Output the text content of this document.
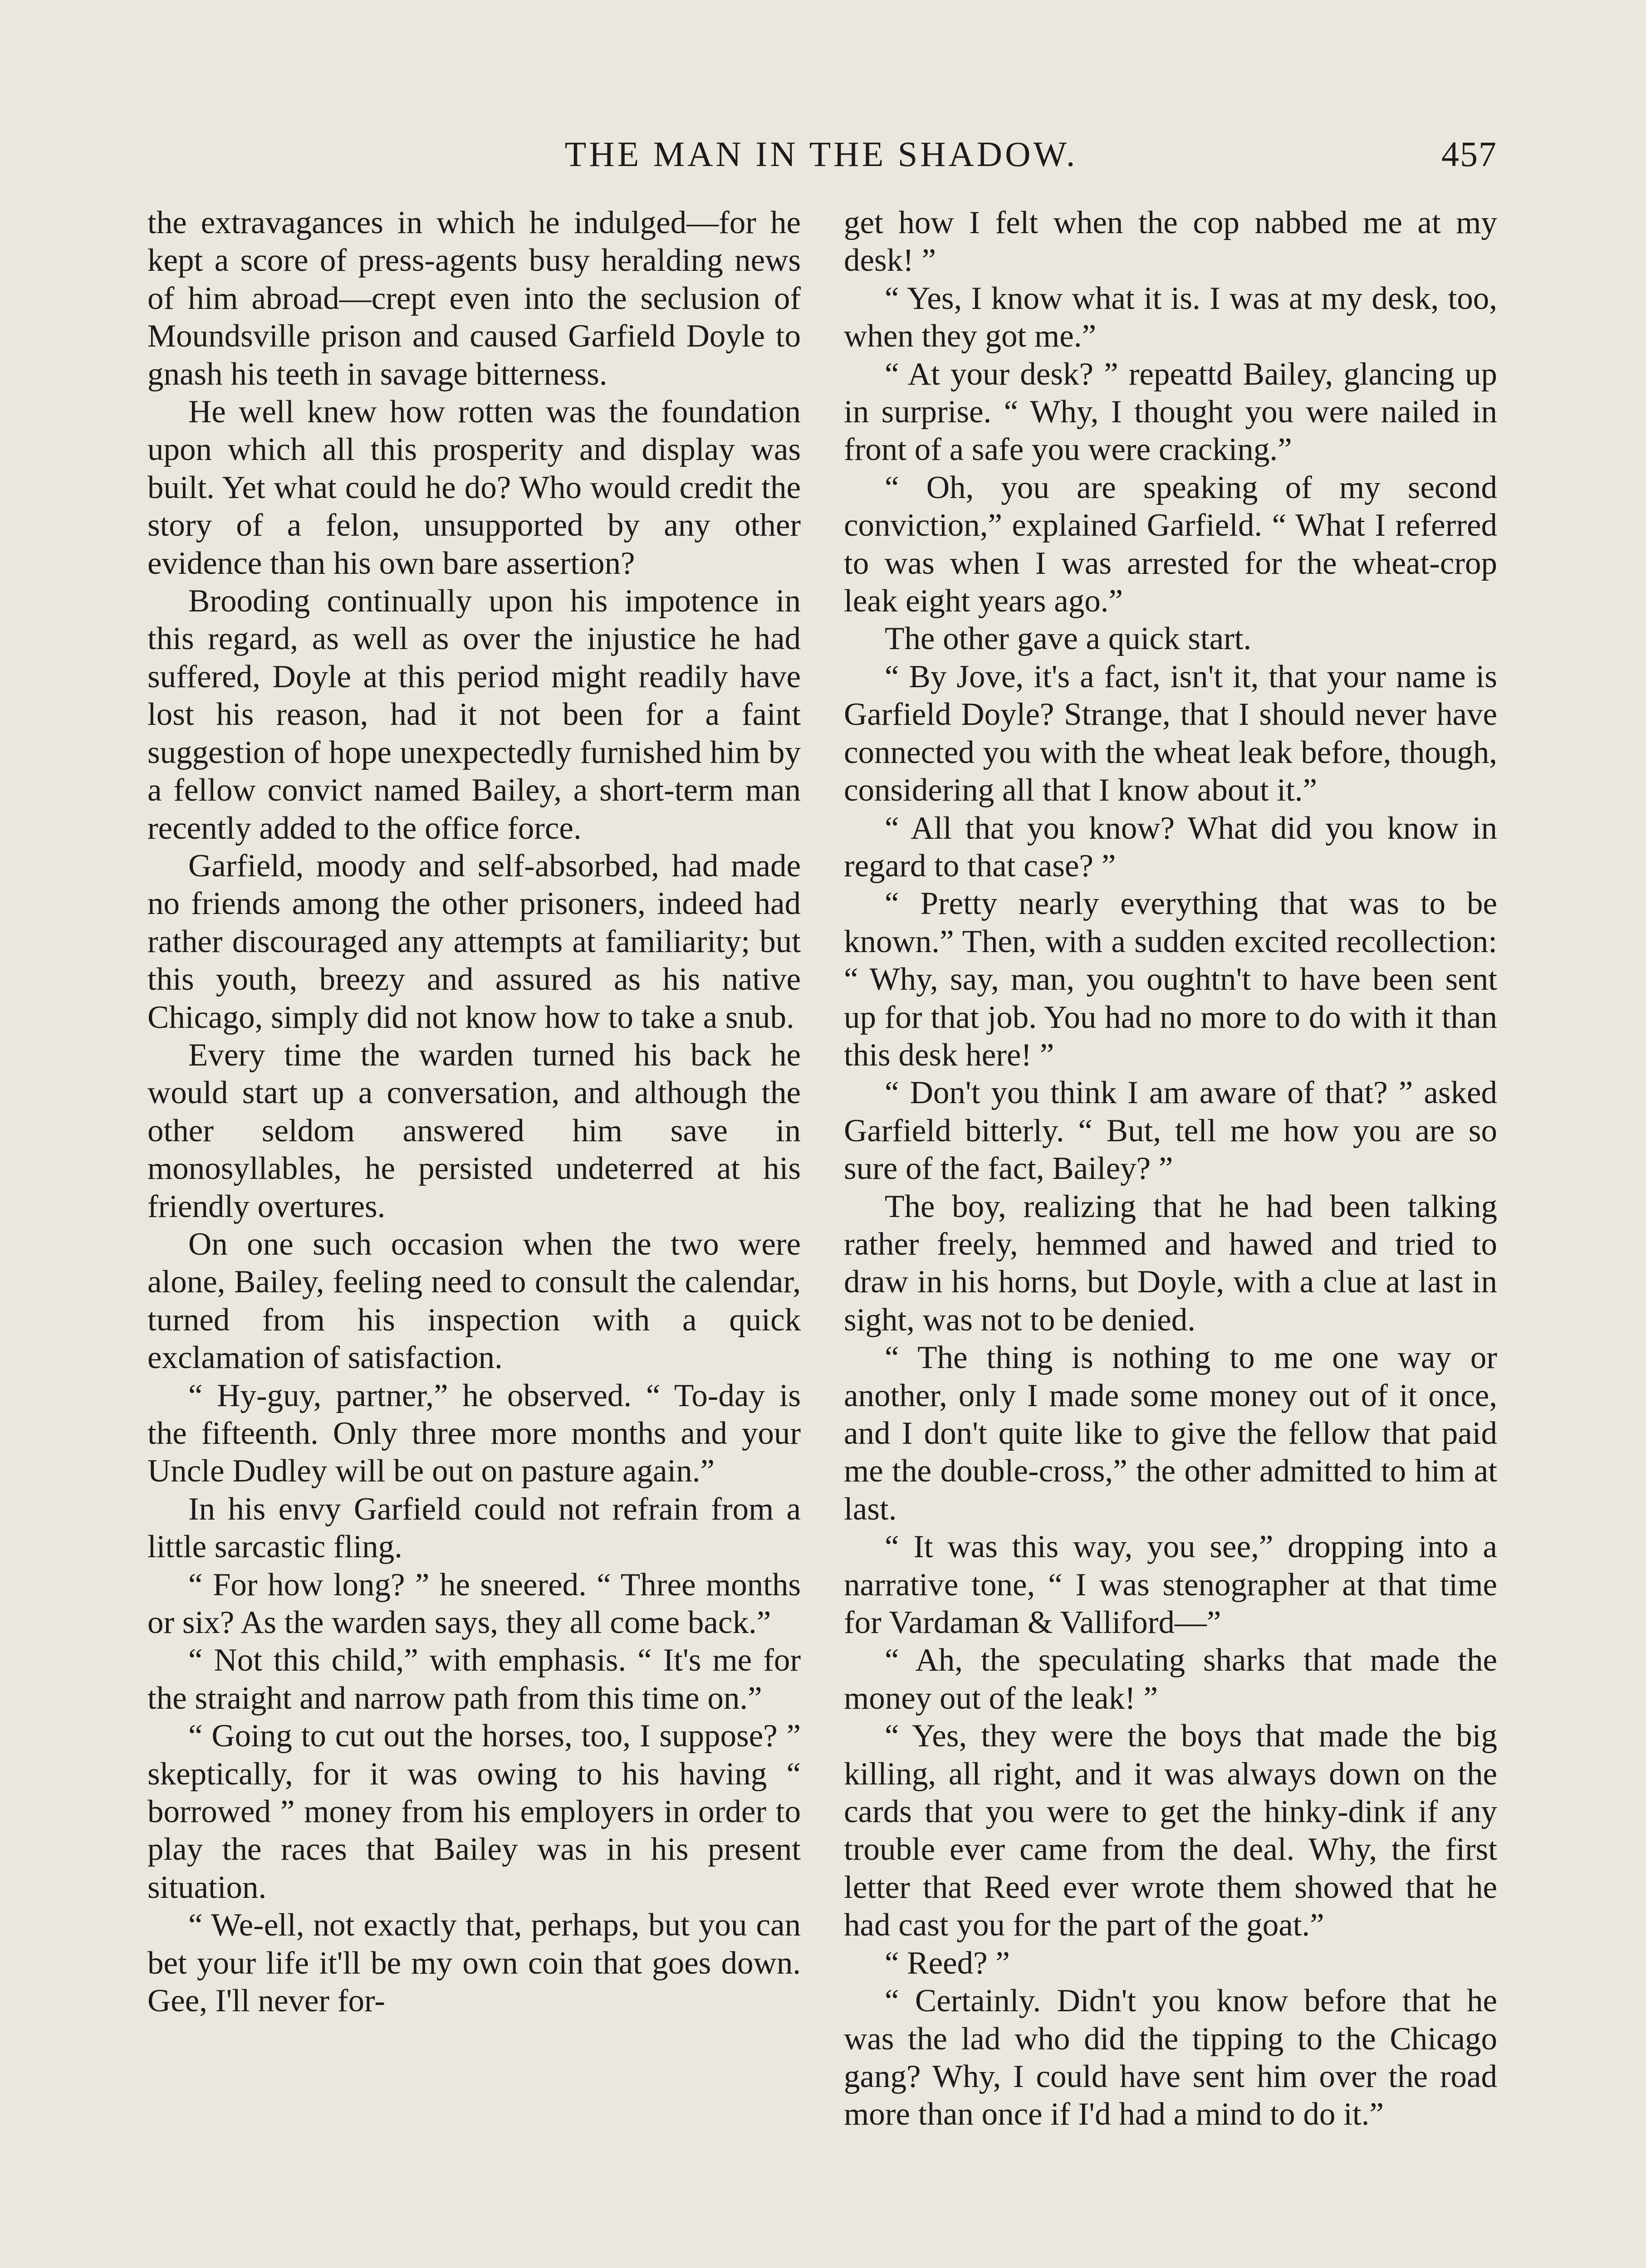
THE MAN IN THE SHADOW.	457

the extravagances in which he indulged—for he kept a score of press-agents busy heralding news of him abroad—crept even into the seclusion of Moundsville prison and caused Garfield Doyle to gnash his teeth in savage bitterness.

He well knew how rotten was the foundation upon which all this prosperity and display was built. Yet what could he do? Who would credit the story of a felon, unsupported by any other evidence than his own bare assertion?

Brooding continually upon his impotence in this regard, as well as over the injustice he had suffered, Doyle at this period might readily have lost his reason, had it not been for a faint suggestion of hope unexpectedly furnished him by a fellow convict named Bailey, a short-term man recently added to the office force.

Garfield, moody and self-absorbed, had made no friends among the other prisoners, indeed had rather discouraged any attempts at familiarity; but this youth, breezy and assured as his native Chicago, simply did not know how to take a snub.

Every time the warden turned his back he would start up a conversation, and although the other seldom answered him save in monosyllables, he persisted undeterred at his friendly overtures.

On one such occasion when the two were alone, Bailey, feeling need to consult the calendar, turned from his inspection with a quick exclamation of satisfaction.

“ Hy-guy, partner,” he observed. “ To-day is the fifteenth. Only three more months and your Uncle Dudley will be out on pasture again.”

In his envy Garfield could not refrain from a little sarcastic fling.

“ For how long? ” he sneered. “ Three months or six? As the warden says, they all come back.”

“ Not this child,” with emphasis. “ It's me for the straight and narrow path from this time on.”

“ Going to cut out the horses, too, I suppose? ” skeptically, for it was owing to his having “ borrowed ” money from his employers in order to play the races that Bailey was in his present situation.

“ We-ell, not exactly that, perhaps, but you can bet your life it'll be my own coin that goes down. Gee, I'll never for-

get how I felt when the cop nabbed me at my desk! ”

“ Yes, I know what it is. I was at my desk, too, when they got me.”

“ At your desk? ” repeattd Bailey, glancing up in surprise. “ Why, I thought you were nailed in front of a safe you were cracking.”

“ Oh, you are speaking of my second conviction,” explained Garfield. “ What I referred to was when I was arrested for the wheat-crop leak eight years ago.”

The other gave a quick start.

“ By Jove, it's a fact, isn't it, that your name is Garfield Doyle? Strange, that I should never have connected you with the wheat leak before, though, considering all that I know about it.”

“ All that you know? What did you know in regard to that case? ”

“ Pretty nearly everything that was to be known.” Then, with a sudden excited recollection: “ Why, say, man, you oughtn't to have been sent up for that job. You had no more to do with it than this desk here! ”

“ Don't you think I am aware of that? ” asked Garfield bitterly. “ But, tell me how you are so sure of the fact, Bailey? ”

The boy, realizing that he had been talking rather freely, hemmed and hawed and tried to draw in his horns, but Doyle, with a clue at last in sight, was not to be denied.

“ The thing is nothing to me one way or another, only I made some money out of it once, and I don't quite like to give the fellow that paid me the double-cross,” the other admitted to him at last.

“ It was this way, you see,” dropping into a narrative tone, “ I was stenographer at that time for Vardaman & Valliford—”

“ Ah, the speculating sharks that made the money out of the leak! ”

“ Yes, they were the boys that made the big killing, all right, and it was always down on the cards that you were to get the hinky-dink if any trouble ever came from the deal. Why, the first letter that Reed ever wrote them showed that he had cast you for the part of the goat.”

“ Reed? ”

“ Certainly. Didn't you know before that he was the lad who did the tipping to the Chicago gang? Why, I could have sent him over the road more than once if I'd had a mind to do it.”
